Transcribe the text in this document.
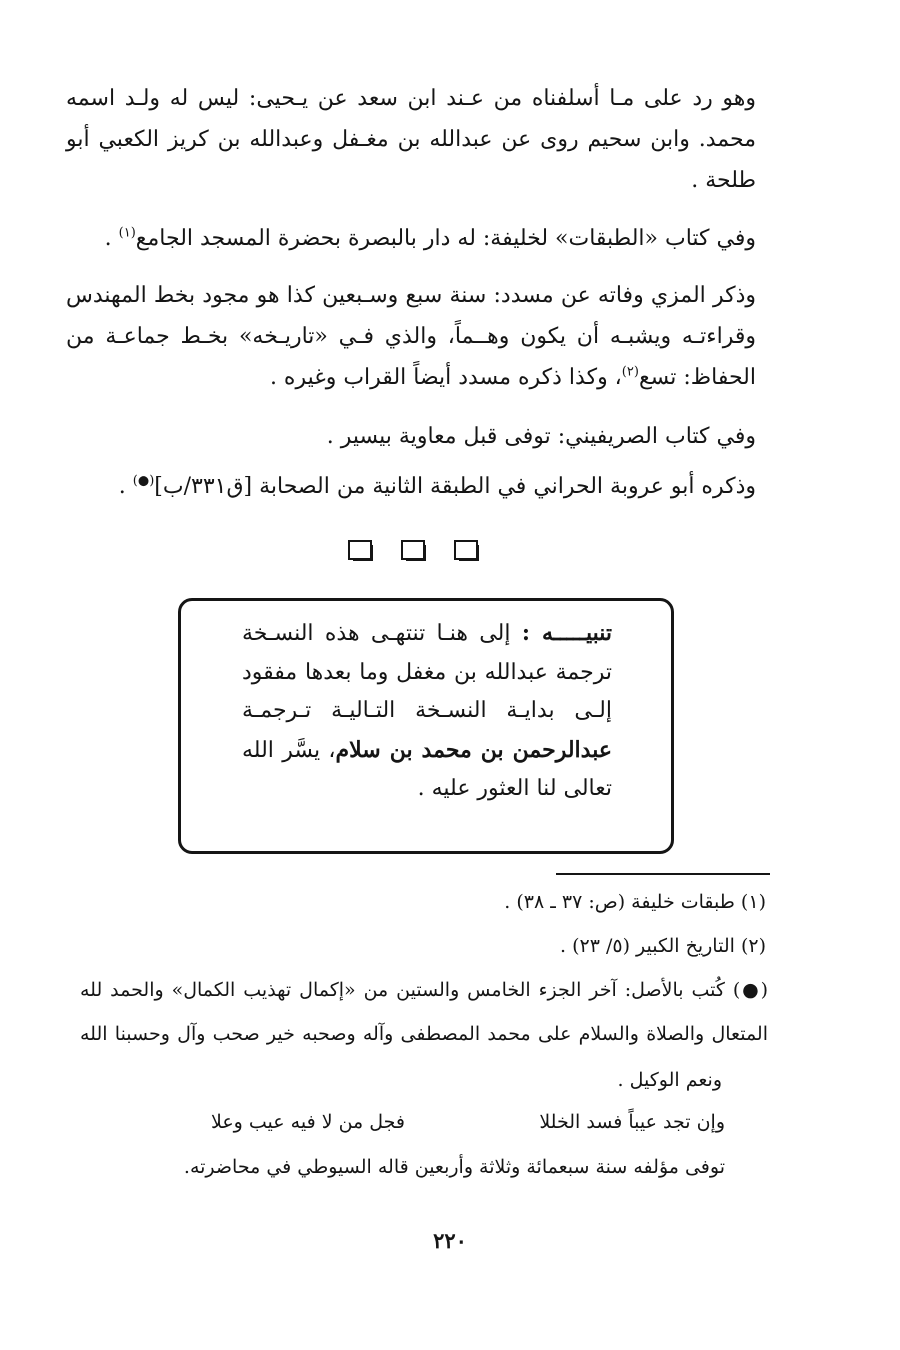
وهو رد على مـا أسلفناه من عـند ابن سعد عن يـحيى: ليس له ولـد اسمه محمد. وابن سحيم روى عن عبدالله بن مغـفل وعبدالله بن كريز الكعبي أبو طلحة .

وفي كتاب «الطبقات» لخليفة: له دار بالبصرة بحضرة المسجد الجامع$^{(١)}$ .

وذكر المزي وفاته عن مسدد: سنة سبع وسـبعين كذا هو مجود بخط المهندس وقراءتـه ويشبـه أن يكون وهــماً، والذي فـي «تاريـخه» بخـط جماعـة من الحفاظ: تسع$^{(٢)}$، وكذا ذكره مسدد أيضاً القراب وغيره .

وفي كتاب الصريفيني: توفى قبل معاوية بيسير .

وذكره أبو عروبة الحراني في الطبقة الثانية من الصحابة [ق٣٣١/ب](●) .

تنبيـــــه : إلى هنـا تنتهـى هذه النسـخة ترجمة عبدالله بن مغفل وما بعدها مفقود إلـى بدايـة النسـخة التـاليـة تـرجمـة عبدالرحمن بن محمد بن سلام، يسَّر الله تعالى لنا العثور عليه .

(١) طبقات خليفة (ص: ٣٧ ـ ٣٨) .
(٢) التاريخ الكبير (٥/ ٢٣) .
(●) كُتب بالأصل: آخر الجزء الخامس والستين من «إكمال تهذيب الكمال» والحمد لله
المتعال والصلاة والسلام على محمد المصطفى وآله وصحبه خير صحب وآل وحسبنا الله
ونعم الوكيل .
وإن تجد عيباً فسد الخللا
فجل من لا فيه عيب وعلا
توفى مؤلفه سنة سبعمائة وثلاثة وأربعين قاله السيوطي في محاضرته.
٢٢٠
